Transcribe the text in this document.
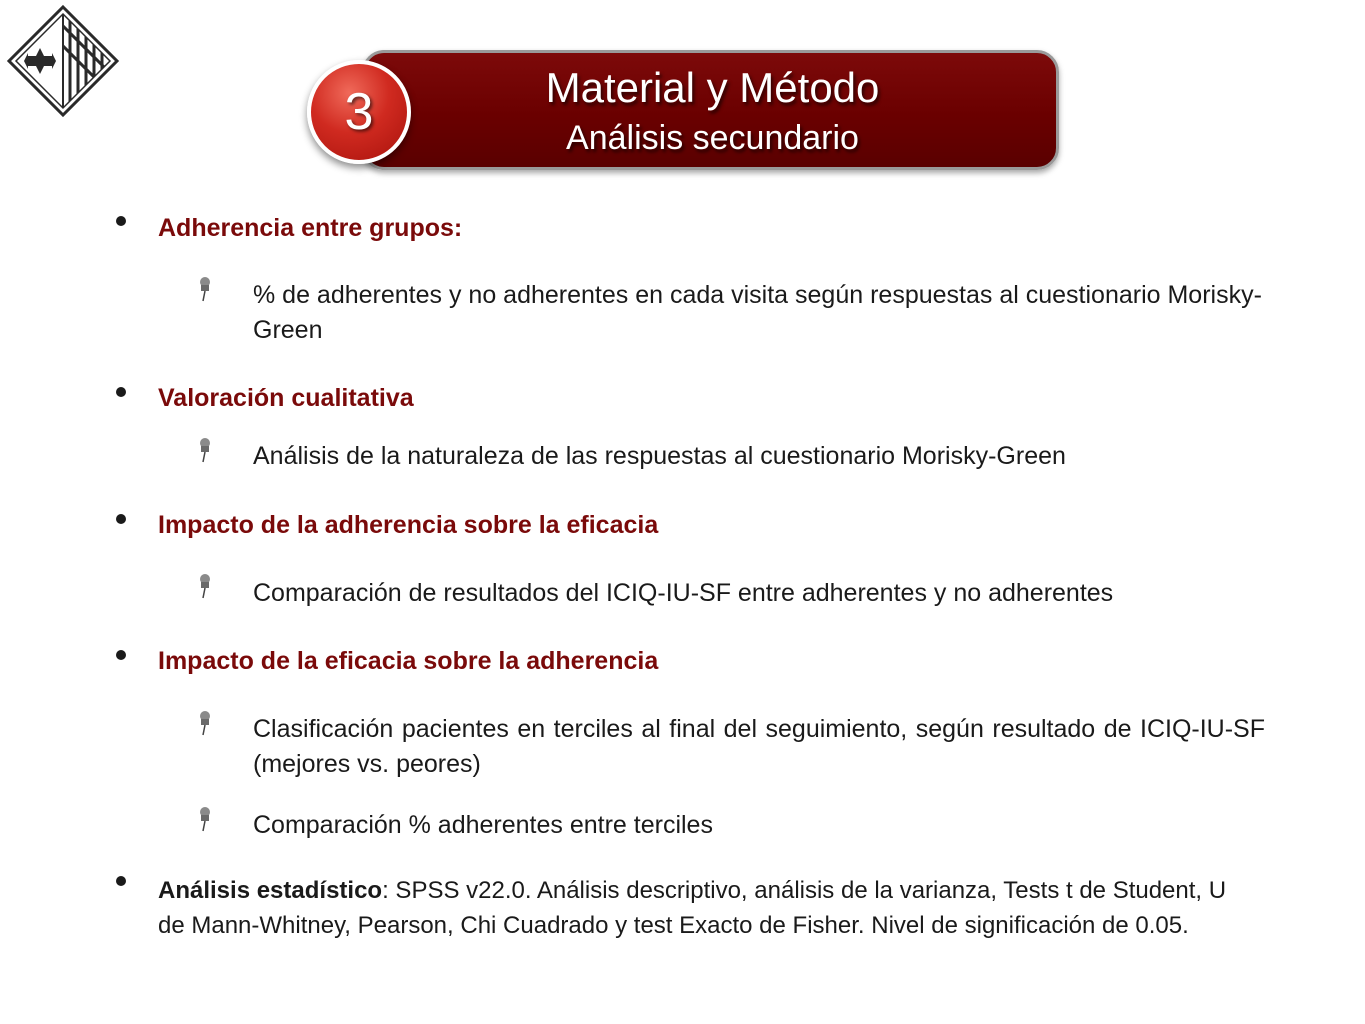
Material y Método
Análisis secundario
3
Adherencia entre grupos:
% de adherentes y no adherentes en cada visita según respuestas al cuestionario Morisky-Green
Valoración cualitativa
Análisis de la naturaleza de las respuestas al cuestionario Morisky-Green
Impacto de la adherencia sobre la eficacia
Comparación de resultados del ICIQ-IU-SF entre adherentes y no adherentes
Impacto de la eficacia sobre la adherencia
Clasificación pacientes en terciles al final del seguimiento, según resultado de ICIQ-IU-SF (mejores vs. peores)
Comparación % adherentes entre terciles
Análisis estadístico: SPSS v22.0. Análisis descriptivo, análisis de la varianza, Tests t de Student, U de Mann-Whitney, Pearson, Chi Cuadrado y test Exacto de Fisher. Nivel de significación de 0.05.
